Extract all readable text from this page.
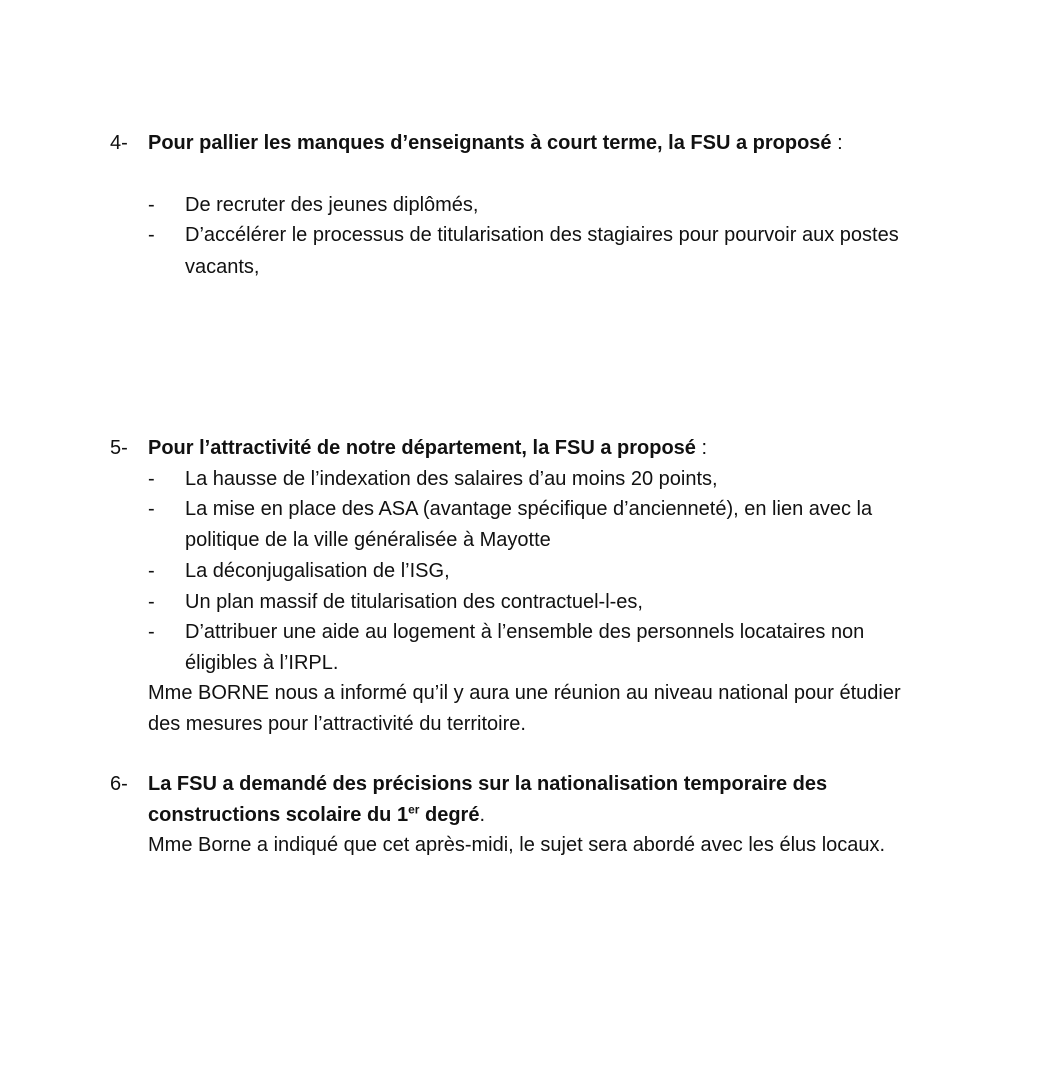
4- Pour pallier les manques d’enseignants à court terme, la FSU a proposé :
- De recruter des jeunes diplômés,
- D’accélérer le processus de titularisation des stagiaires pour pourvoir aux postes
vacants,
5- Pour l’attractivité de notre département, la FSU a proposé :
- La hausse de l’indexation des salaires d’au moins 20 points,
- La mise en place des ASA (avantage spécifique d’ancienneté), en lien avec la
politique de la ville généralisée à Mayotte
- La déconjugalisation de l’ISG,
- Un plan massif de titularisation des contractuel-l-es,
- D’attribuer une aide au logement à l’ensemble des personnels locataires non
éligibles à l’IRPL.
Mme BORNE nous a informé qu’il y aura une réunion au niveau national pour étudier
des mesures pour l’attractivité du territoire.
6- La FSU a demandé des précisions sur la nationalisation temporaire des
constructions scolaire du 1er degré.
Mme Borne a indiqué que cet après-midi, le sujet sera abordé avec les élus locaux.
